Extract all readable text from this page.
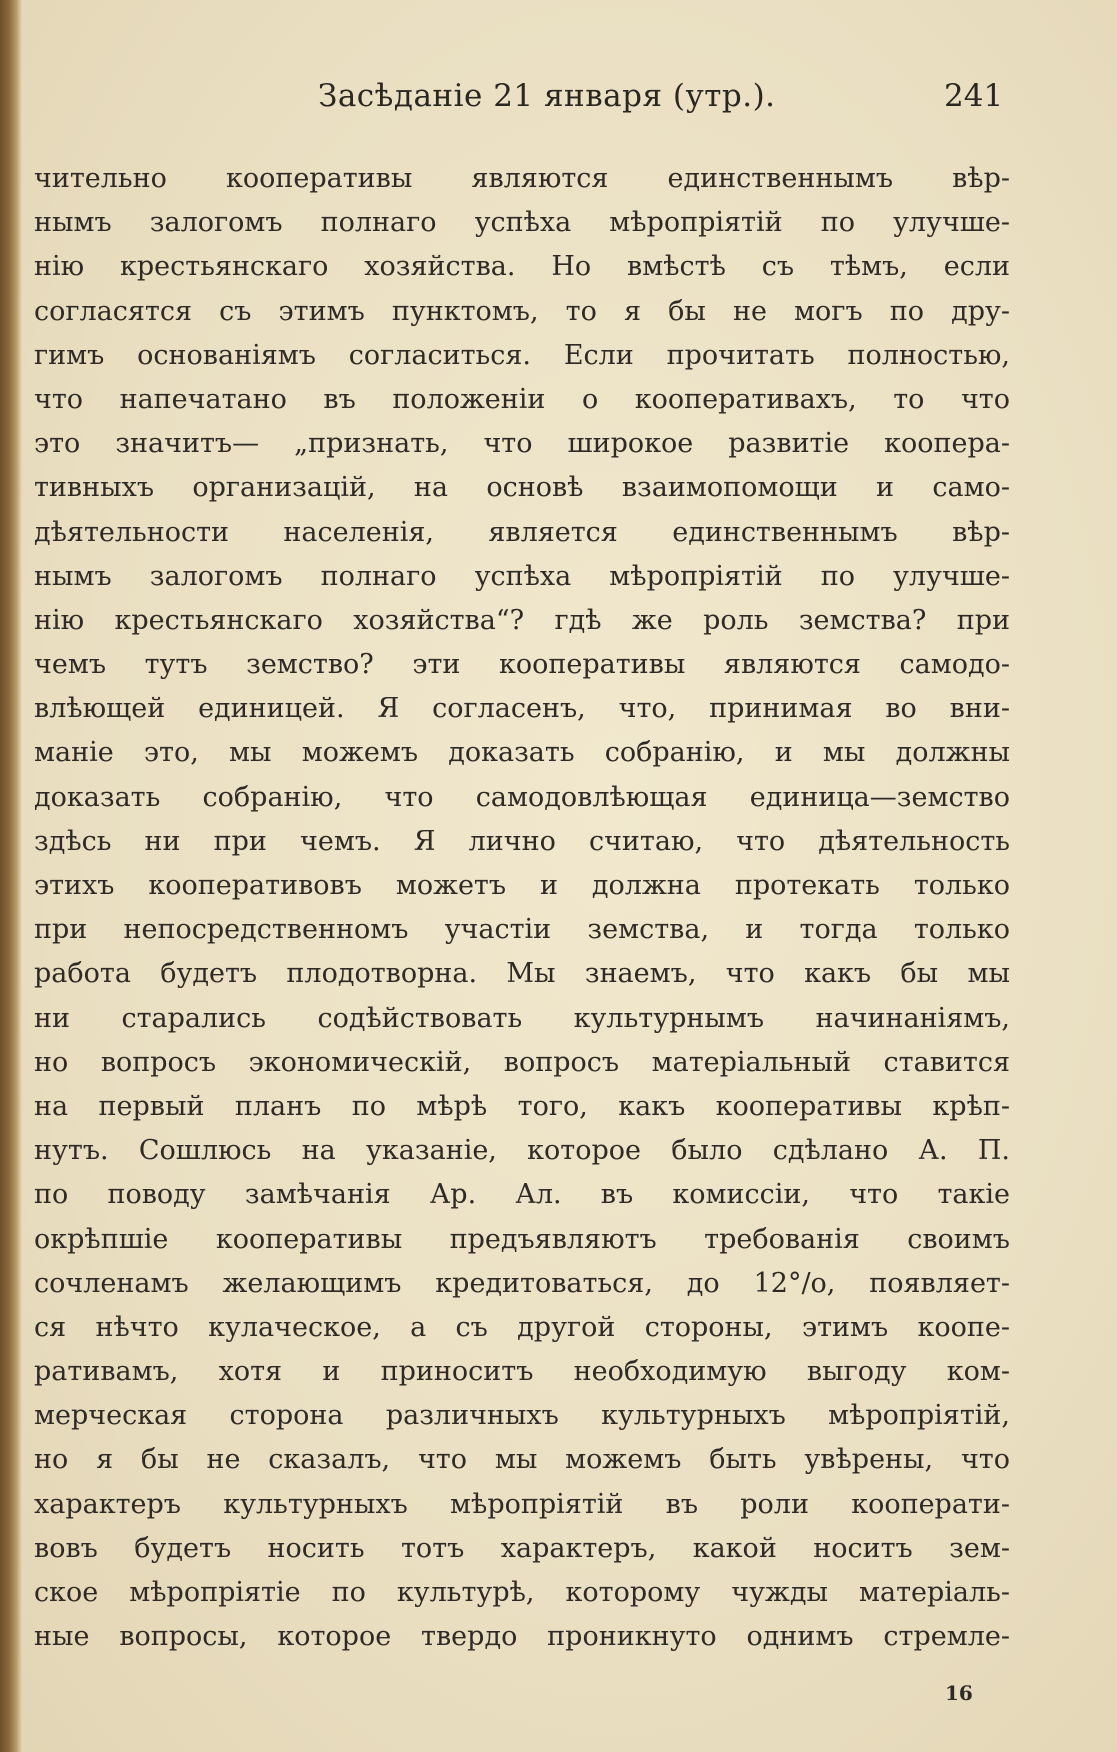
Засѣданіе 21 января (утр.).	241
чительно кооперативы являются единственнымъ вѣр-
нымъ залогомъ полнаго успѣха мѣропріятій по улучше-
нію крестьянскаго хозяйства. Но вмѣстѣ съ тѣмъ, если
согласятся съ этимъ пунктомъ, то я бы не могъ по дру-
гимъ основаніямъ согласиться. Если прочитать полностью,
что напечатано въ положеніи о кооперативахъ, то что
это значитъ— „признать, что широкое развитіе коопера-
тивныхъ организацій, на основѣ взаимопомощи и само-
дѣятельности населенія, является единственнымъ вѣр-
нымъ залогомъ полнаго успѣха мѣропріятій по улучше-
нію крестьянскаго хозяйства“? гдѣ же роль земства? при
чемъ тутъ земство? эти кооперативы являются самодо-
влѣющей единицей. Я согласенъ, что, принимая во вни-
маніе это, мы можемъ доказать собранію, и мы должны
доказать собранію, что самодовлѣющая единица—земство
здѣсь ни при чемъ. Я лично считаю, что дѣятельность
этихъ кооперативовъ можетъ и должна протекать только
при непосредственномъ участіи земства, и тогда только
работа будетъ плодотворна. Мы знаемъ, что какъ бы мы
ни старались содѣйствовать культурнымъ начинаніямъ,
но вопросъ экономическій, вопросъ матеріальный ставится
на первый планъ по мѣрѣ того, какъ кооперативы крѣп-
нутъ. Сошлюсь на указаніе, которое было сдѣлано А. П.
по поводу замѣчанія Ар. Ал. въ комиссіи, что такіе
окрѣпшіе кооперативы предъявляютъ требованія своимъ
сочленамъ желающимъ кредитоваться, до 12°/о, появляет-
ся нѣчто кулаческое, а съ другой стороны, этимъ коопе-
ративамъ, хотя и приноситъ необходимую выгоду ком-
мерческая сторона различныхъ культурныхъ мѣропріятій,
но я бы не сказалъ, что мы можемъ быть увѣрены, что
характеръ культурныхъ мѣропріятій въ роли кооперати-
вовъ будетъ носить тотъ характеръ, какой носитъ зем-
ское мѣропріятіе по культурѣ, которому чужды матеріаль-
ные вопросы, которое твердо проникнуто однимъ стремле-
16
